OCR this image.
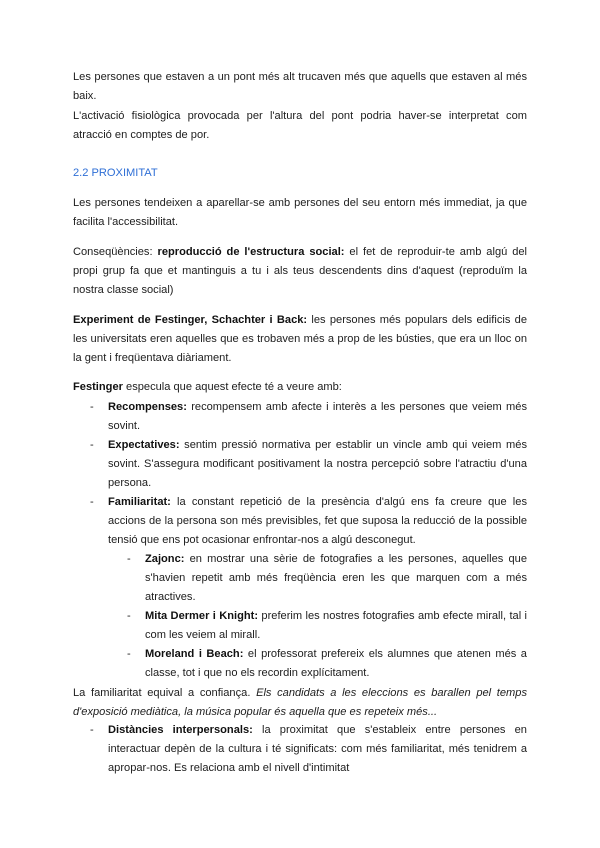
Les persones que estaven a un pont més alt trucaven més que aquells que estaven al més baix.

L'activació fisiològica provocada per l'altura del pont podria haver-se interpretat com atracció en comptes de por.

2.2 PROXIMITAT

Les persones tendeixen a aparellar-se amb persones del seu entorn més immediat, ja que facilita l'accessibilitat.

Conseqüències: reproducció de l'estructura social: el fet de reproduir-te amb algú del propi grup fa que et mantinguis a tu i als teus descendents dins d'aquest (reproduïm la nostra classe social)

Experiment de Festinger, Schachter i Back: les persones més populars dels edificis de les universitats eren aquelles que es trobaven més a prop de les bústies, que era un lloc on la gent i freqüentava diàriament.

Festinger especula que aquest efecte té a veure amb:

- Recompenses: recompensem amb afecte i interès a les persones que veiem més sovint.
- Expectatives: sentim pressió normativa per establir un vincle amb qui veiem més sovint. S'assegura modificant positivament la nostra percepció sobre l'atractiu d'una persona.
- Familiaritat: la constant repetició de la presència d'algú ens fa creure que les accions de la persona son més previsibles, fet que suposa la reducció de la possible tensió que ens pot ocasionar enfrontar-nos a algú desconegut.
- Zajonc: en mostrar una sèrie de fotografies a les persones, aquelles que s'havien repetit amb més freqüència eren les que marquen com a més atractives.
- Mita Dermer i Knight: preferim les nostres fotografies amb efecte mirall, tal i com les veiem al mirall.
- Moreland i Beach: el professorat prefereix els alumnes que atenen més a classe, tot i que no els recordin explícitament.

La familiaritat equival a confiança. Els candidats a les eleccions es barallen pel temps d'exposició mediàtica, la música popular és aquella que es repeteix més...

- Distàncies interpersonals: la proximitat que s'estableix entre persones en interactuar depèn de la cultura i té significats: com més familiaritat, més tenidrem a apropar-nos. Es relaciona amb el nivell d'intimitat
